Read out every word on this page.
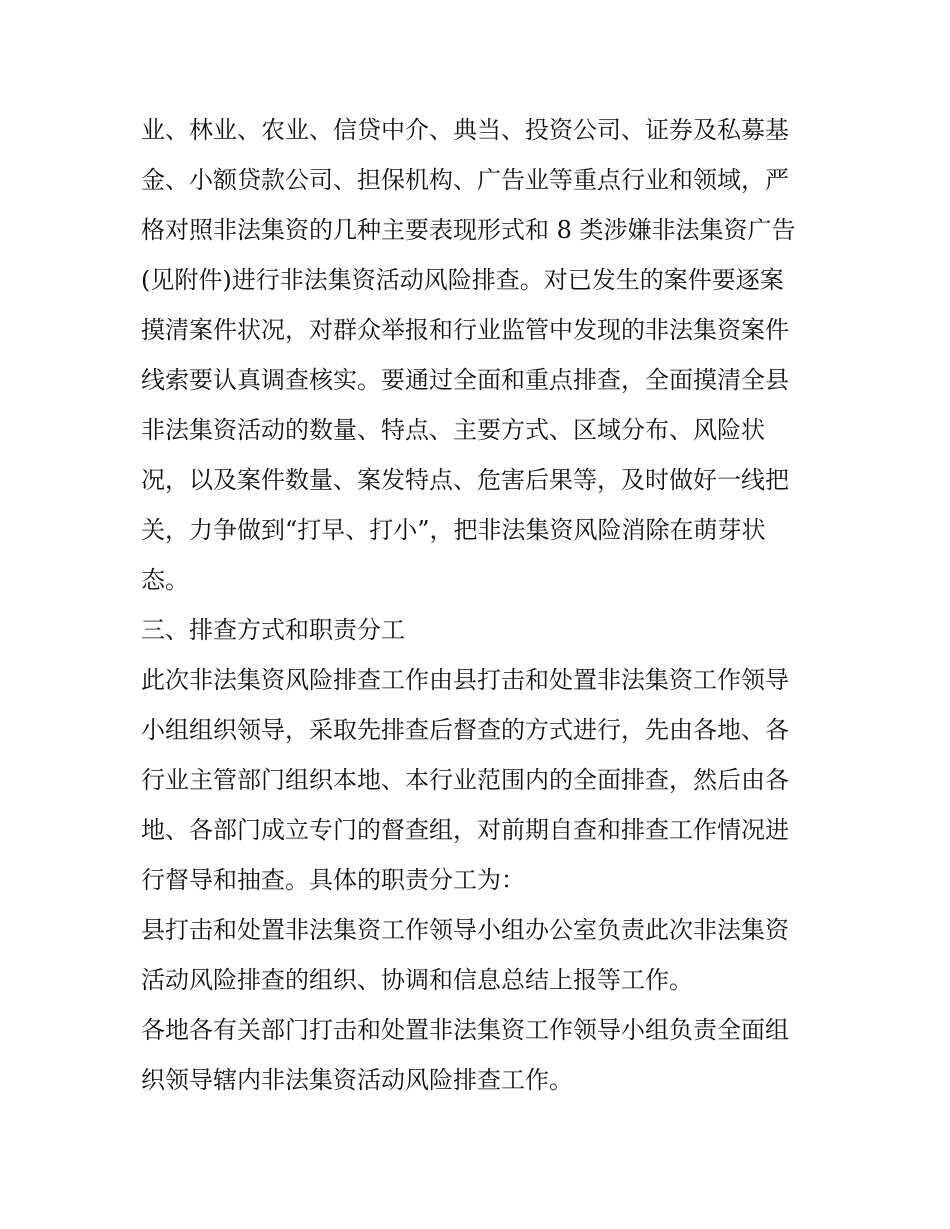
业、林业、农业、信贷中介、典当、投资公司、证券及私募基
金、小额贷款公司、担保机构、广告业等重点行业和领域，严
格对照非法集资的几种主要表现形式和 8 类涉嫌非法集资广告
(见附件)进行非法集资活动风险排查。对已发生的案件要逐案
摸清案件状况，对群众举报和行业监管中发现的非法集资案件
线索要认真调查核实。要通过全面和重点排查，全面摸清全县
非法集资活动的数量、特点、主要方式、区域分布、风险状
况，以及案件数量、案发特点、危害后果等，及时做好一线把
关，力争做到“打早、打小”，把非法集资风险消除在萌芽状
态。
三、排查方式和职责分工
此次非法集资风险排查工作由县打击和处置非法集资工作领导
小组组织领导，采取先排查后督查的方式进行，先由各地、各
行业主管部门组织本地、本行业范围内的全面排查，然后由各
地、各部门成立专门的督查组，对前期自查和排查工作情况进
行督导和抽查。具体的职责分工为：
县打击和处置非法集资工作领导小组办公室负责此次非法集资
活动风险排查的组织、协调和信息总结上报等工作。
各地各有关部门打击和处置非法集资工作领导小组负责全面组
织领导辖内非法集资活动风险排查工作。
